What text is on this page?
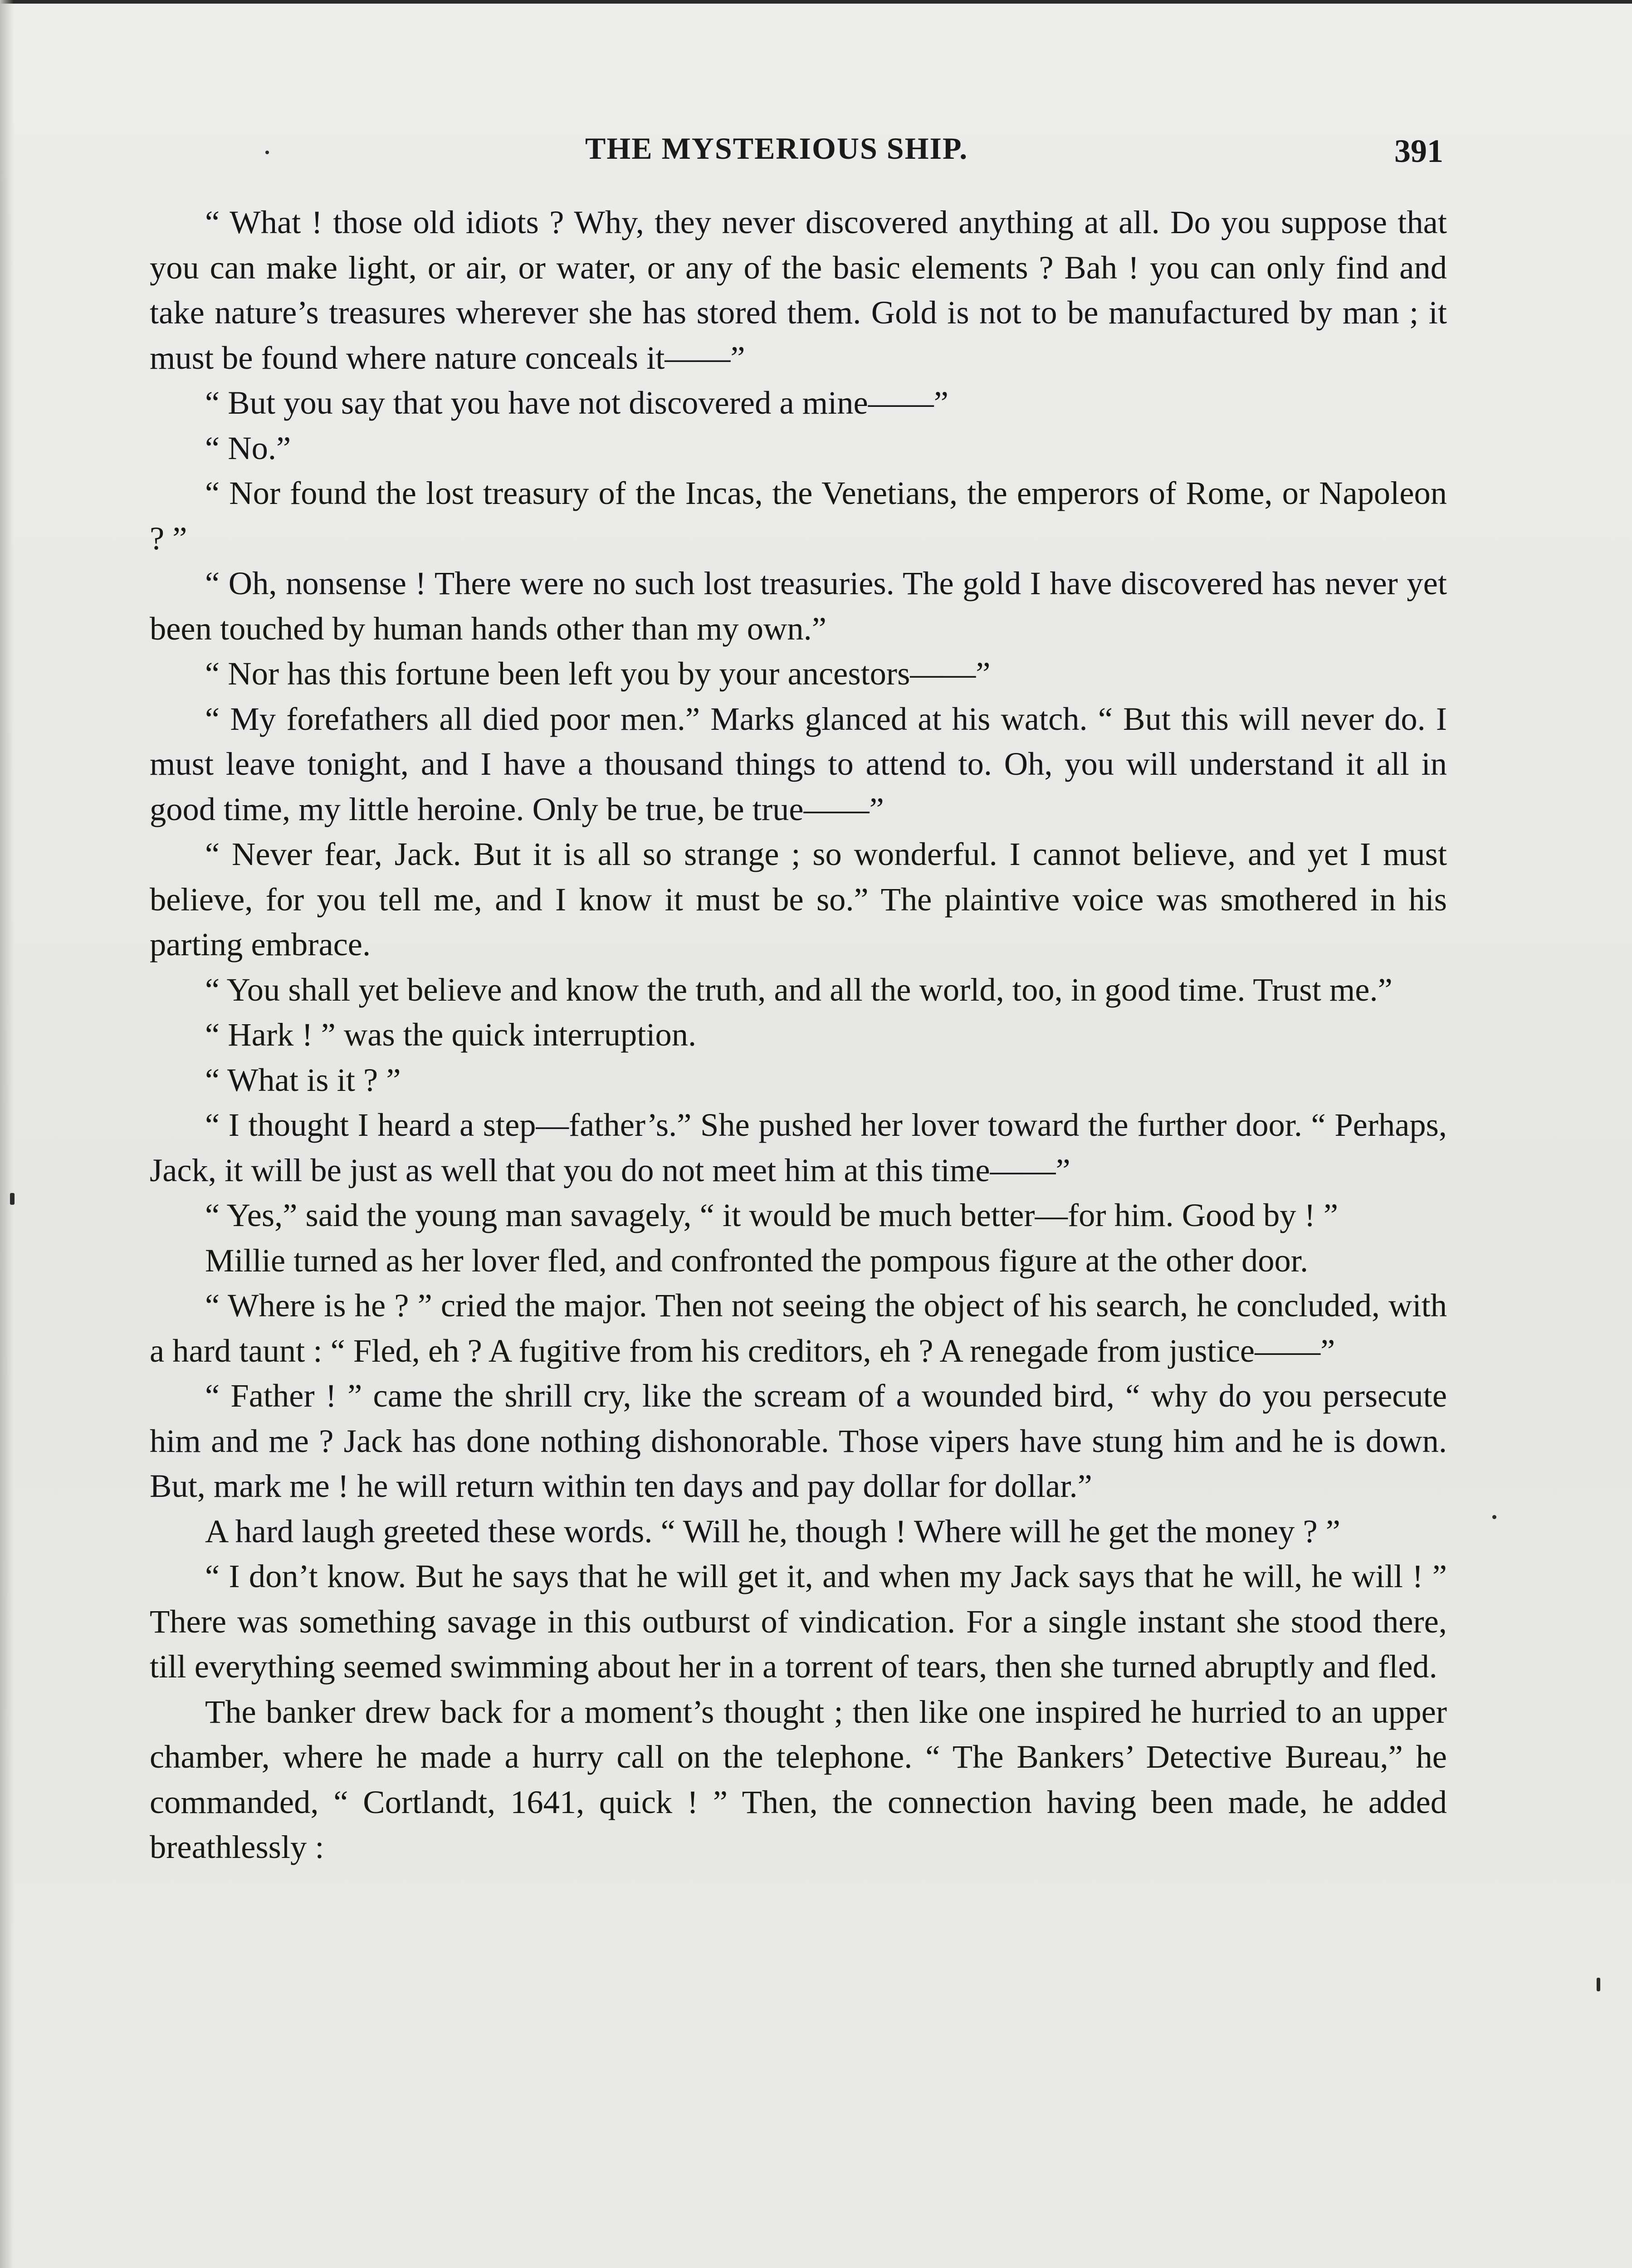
THE MYSTERIOUS SHIP.	391

“ What ! those old idiots ? Why, they never discovered anything at all. Do you suppose that you can make light, or air, or water, or any of the basic elements ? Bah ! you can only find and take nature’s treasures wherever she has stored them. Gold is not to be manufactured by man ; it must be found where nature conceals it——”

“ But you say that you have not discovered a mine——”

“ No.”

“ Nor found the lost treasury of the Incas, the Venetians, the emperors of Rome, or Napoleon ? ”

“ Oh, nonsense ! There were no such lost treasuries. The gold I have discovered has never yet been touched by human hands other than my own.”

“ Nor has this fortune been left you by your ancestors——”

“ My forefathers all died poor men.” Marks glanced at his watch. “ But this will never do. I must leave tonight, and I have a thousand things to attend to. Oh, you will understand it all in good time, my little heroine. Only be true, be true——”

“ Never fear, Jack. But it is all so strange ; so wonderful. I cannot believe, and yet I must believe, for you tell me, and I know it must be so.” The plaintive voice was smothered in his parting embrace.

“ You shall yet believe and know the truth, and all the world, too, in good time. Trust me.”

“ Hark ! ” was the quick interruption.

“ What is it ? ”

“ I thought I heard a step—father’s.” She pushed her lover toward the further door. “ Perhaps, Jack, it will be just as well that you do not meet him at this time——”

“ Yes,” said the young man savagely, “ it would be much better—for him. Good by ! ”

Millie turned as her lover fled, and confronted the pompous figure at the other door.

“ Where is he ? ” cried the major. Then not seeing the object of his search, he concluded, with a hard taunt : “ Fled, eh ? A fugitive from his creditors, eh ? A renegade from justice——”

“ Father ! ” came the shrill cry, like the scream of a wounded bird, “ why do you persecute him and me ? Jack has done nothing dishonorable. Those vipers have stung him and he is down. But, mark me ! he will return within ten days and pay dollar for dollar.”

A hard laugh greeted these words. “ Will he, though ! Where will he get the money ? ”

“ I don’t know. But he says that he will get it, and when my Jack says that he will, he will ! ” There was something savage in this outburst of vindication. For a single instant she stood there, till everything seemed swimming about her in a torrent of tears, then she turned abruptly and fled.

The banker drew back for a moment’s thought ; then like one inspired he hurried to an upper chamber, where he made a hurry call on the telephone. “ The Bankers’ Detective Bureau,” he commanded, “ Cortlandt, 1641, quick ! ” Then, the connection having been made, he added breathlessly :
